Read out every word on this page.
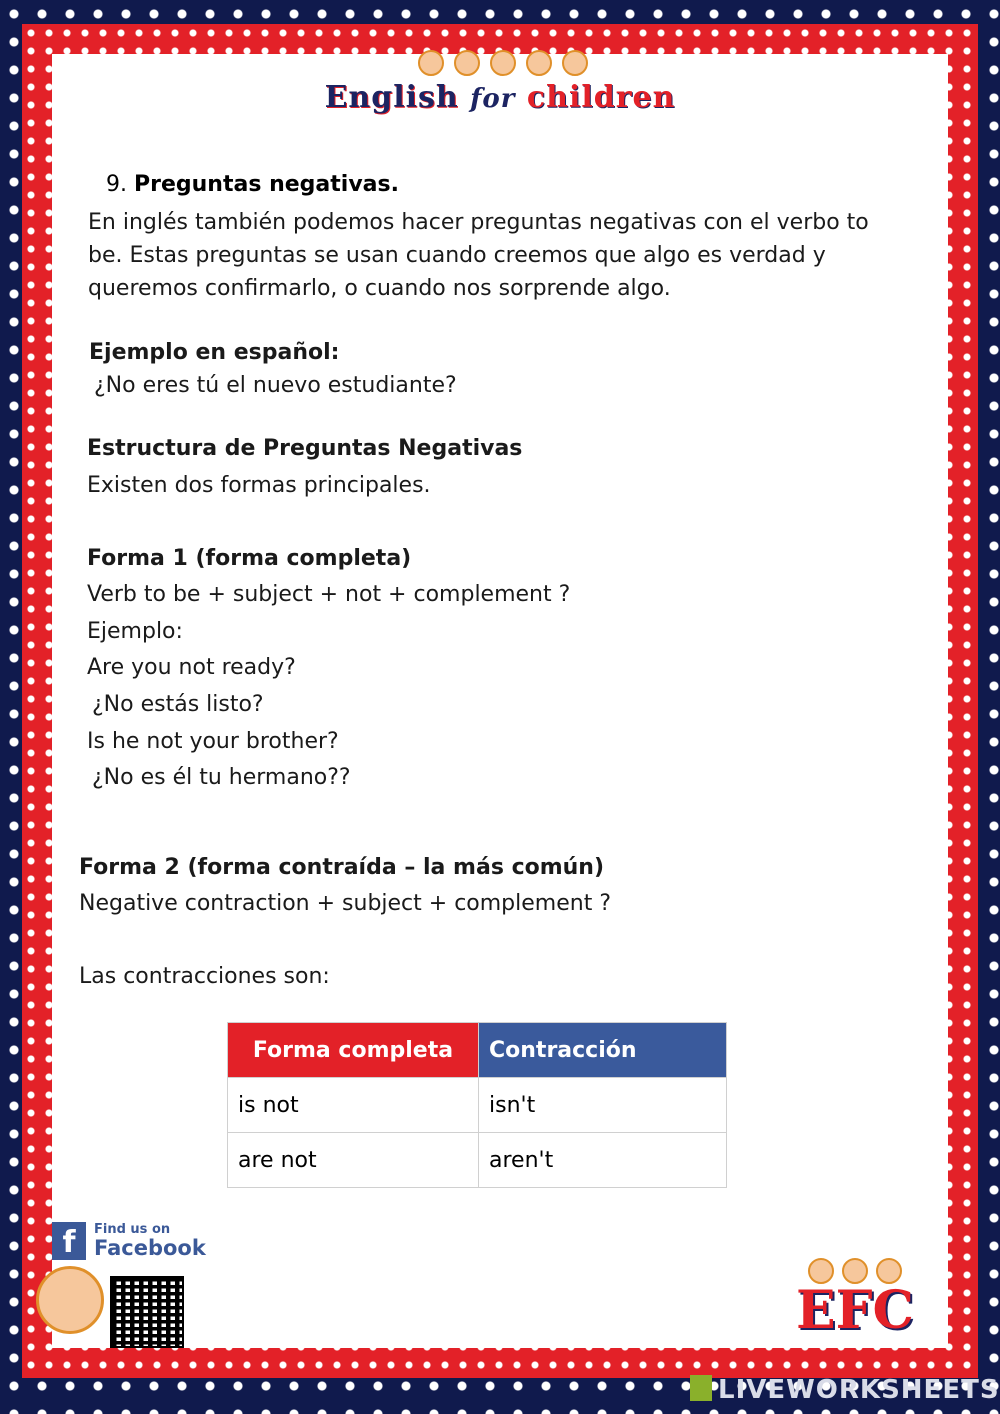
English for children
9. Preguntas negativas.
En inglés también podemos hacer preguntas negativas con el verbo to be. Estas preguntas se usan cuando creemos que algo es verdad y queremos confirmarlo, o cuando nos sorprende algo.
Ejemplo en español:
¿No eres tú el nuevo estudiante?
Estructura de Preguntas Negativas
Existen dos formas principales.
Forma 1 (forma completa)
Verb to be + subject + not + complement ?
Ejemplo:
Are you not ready?
¿No estás listo?
Is he not your brother?
¿No es él tu hermano??
Forma 2 (forma contraída – la más común)
Negative contraction + subject + complement ?
Las contracciones son:
Forma completa	Contracción
is not	isn't
are not	aren't
f	Find us on
Facebook
EFC
LIVEWORKSHEETS
